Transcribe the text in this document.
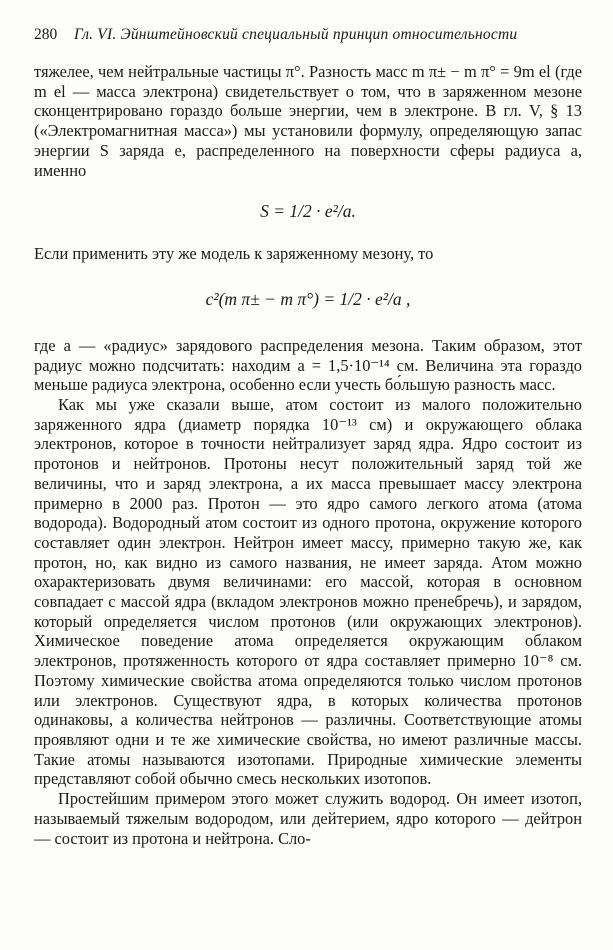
280 Гл. VI. Эйнштейновский специальный принцип относительности

тяжелее, чем нейтральные частицы π°. Разность масс m π± − m π° = 9m el (где m el — масса электрона) свидетельствует о том, что в заряженном мезоне сконцентрировано гораздо больше энергии, чем в электроне. В гл. V, § 13 («Электромагнитная масса») мы установили формулу, определяющую запас энергии S заряда e, распределенного на поверхности сферы радиуса a, именно

S = 1/2 · e²/a.

Если применить эту же модель к заряженному мезону, то

c²(m π± − m π°) = 1/2 · e²/a ,

где a — «радиус» зарядового распределения мезона. Таким образом, этот радиус можно подсчитать: находим a = 1,5·10⁻¹⁴ см. Величина эта гораздо меньше радиуса электрона, особенно если учесть бо́льшую разность масс.

Как мы уже сказали выше, атом состоит из малого положительно заряженного ядра (диаметр порядка 10⁻¹³ см) и окружающего облака электронов, которое в точности нейтрализует заряд ядра. Ядро состоит из протонов и нейтронов. Протоны несут положительный заряд той же величины, что и заряд электрона, а их масса превышает массу электрона примерно в 2000 раз. Протон — это ядро самого легкого атома (атома водорода). Водородный атом состоит из одного протона, окружение которого составляет один электрон. Нейтрон имеет массу, примерно такую же, как протон, но, как видно из самого названия, не имеет заряда. Атом можно охарактеризовать двумя величинами: его массой, которая в основном совпадает с массой ядра (вкладом электронов можно пренебречь), и зарядом, который определяется числом протонов (или окружающих электронов). Химическое поведение атома определяется окружающим облаком электронов, протяженность которого от ядра составляет примерно 10⁻⁸ см. Поэтому химические свойства атома определяются только числом протонов или электронов. Существуют ядра, в которых количества протонов одинаковы, а количества нейтронов — различны. Соответствующие атомы проявляют одни и те же химические свойства, но имеют различные массы. Такие атомы называются изотопами. Природные химические элементы представляют собой обычно смесь нескольких изотопов.

Простейшим примером этого может служить водород. Он имеет изотоп, называемый тяжелым водородом, или дейтерием, ядро которого — дейтрон — состоит из протона и нейтрона. Сло-
